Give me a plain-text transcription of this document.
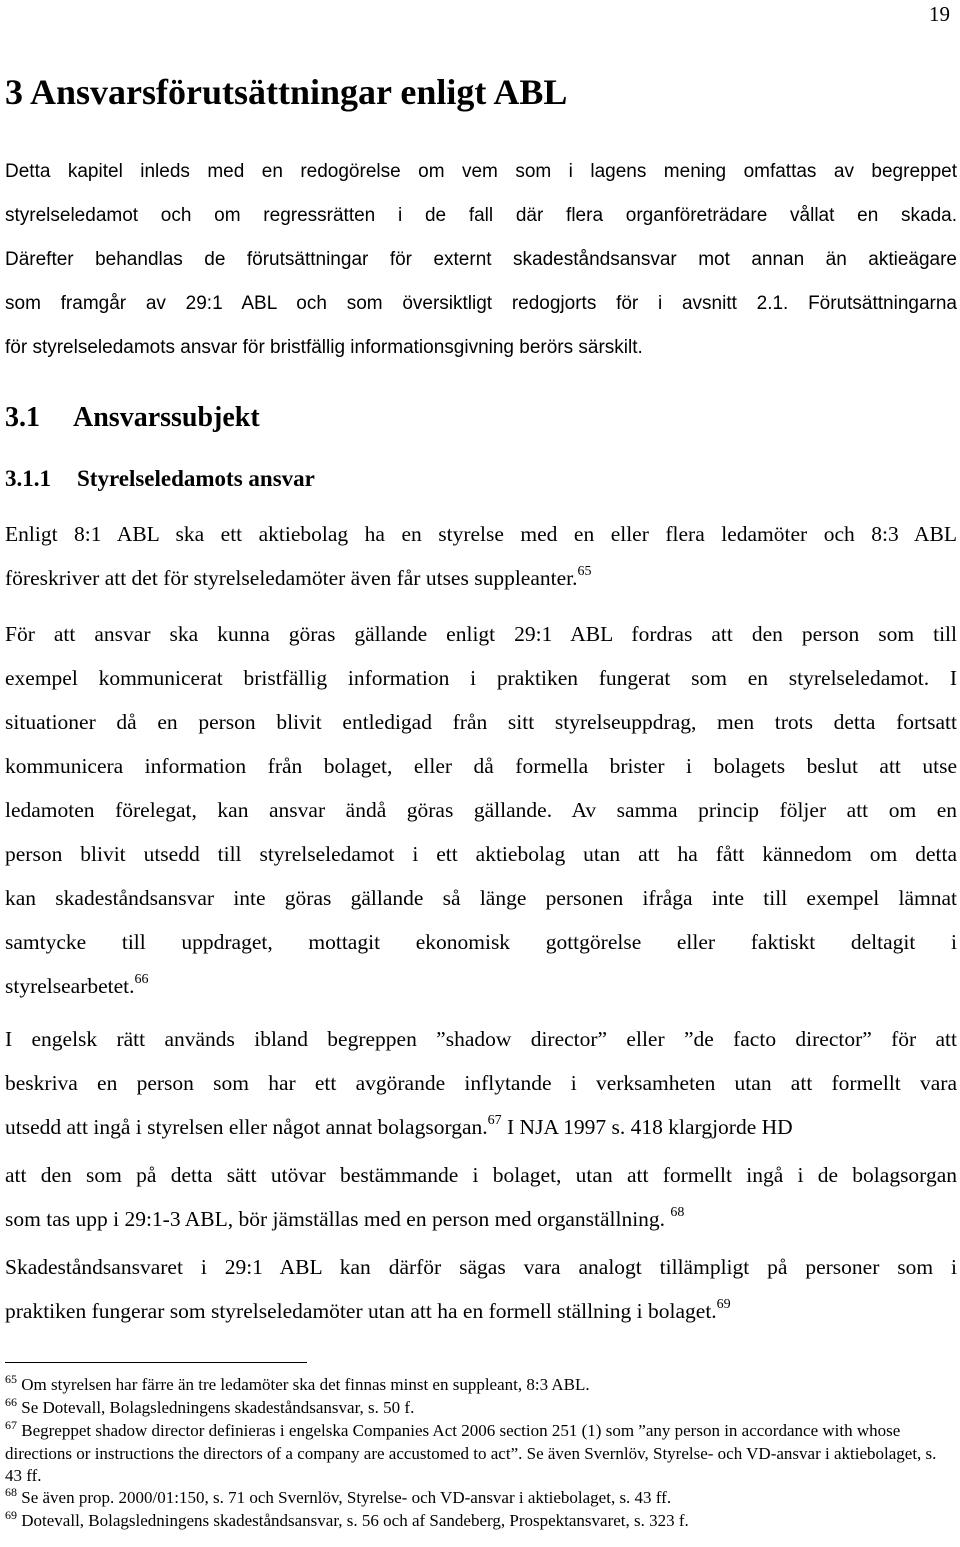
19
3 Ansvarsförutsättningar enligt ABL
Detta kapitel inleds med en redogörelse om vem som i lagens mening omfattas av begreppet
styrelseledamot och om regressrätten i de fall där flera organföreträdare vållat en skada.
Därefter behandlas de förutsättningar för externt skadeståndsansvar mot annan än aktieägare
som framgår av 29:1 ABL och som översiktligt redogjorts för i avsnitt 2.1. Förutsättningarna
för styrelseledamots ansvar för bristfällig informationsgivning berörs särskilt.
3.1 Ansvarssubjekt
3.1.1 Styrelseledamots ansvar
Enligt 8:1 ABL ska ett aktiebolag ha en styrelse med en eller flera ledamöter och 8:3 ABL
föreskriver att det för styrelseledamöter även får utses suppleanter.$^{65}$
För att ansvar ska kunna göras gällande enligt 29:1 ABL fordras att den person som till
exempel kommunicerat bristfällig information i praktiken fungerat som en styrelseledamot. I
situationer då en person blivit entledigad från sitt styrelseuppdrag, men trots detta fortsatt
kommunicera information från bolaget, eller då formella brister i bolagets beslut att utse
ledamoten förelegat, kan ansvar ändå göras gällande. Av samma princip följer att om en
person blivit utsedd till styrelseledamot i ett aktiebolag utan att ha fått kännedom om detta
kan skadeståndsansvar inte göras gällande så länge personen ifråga inte till exempel lämnat
samtycke till uppdraget, mottagit ekonomisk gottgörelse eller faktiskt deltagit i
styrelsearbetet.$^{66}$
I engelsk rätt används ibland begreppen ”shadow director” eller ”de facto director” för att
beskriva en person som har ett avgörande inflytande i verksamheten utan att formellt vara
utsedd att ingå i styrelsen eller något annat bolagsorgan.$^{67}$ I NJA 1997 s. 418 klargjorde HD
att den som på detta sätt utövar bestämmande i bolaget, utan att formellt ingå i de bolagsorgan
som tas upp i 29:1-3 ABL, bör jämställas med en person med organställning. $^{68}$
Skadeståndsansvaret i 29:1 ABL kan därför sägas vara analogt tillämpligt på personer som i
praktiken fungerar som styrelseledamöter utan att ha en formell ställning i bolaget.$^{69}$

$^{65}$ Om styrelsen har färre än tre ledamöter ska det finnas minst en suppleant, 8:3 ABL.

$^{66}$ Se Dotevall, Bolagsledningens skadeståndsansvar, s. 50 f.

$^{67}$ Begreppet shadow director definieras i engelska Companies Act 2006 section 251 (1) som ”any person in accordance with whose directions or instructions the directors of a company are accustomed to act”. Se även Svernlöv, Styrelse- och VD-ansvar i aktiebolaget, s. 43 ff.

$^{68}$ Se även prop. 2000/01:150, s. 71 och Svernlöv, Styrelse- och VD-ansvar i aktiebolaget, s. 43 ff.

$^{69}$ Dotevall, Bolagsledningens skadeståndsansvar, s. 56 och af Sandeberg, Prospektansvaret, s. 323 f.
